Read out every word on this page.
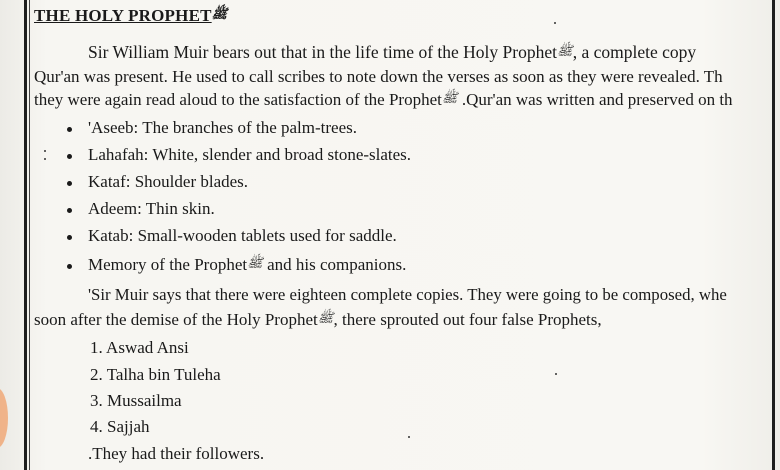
THE HOLY PROPHETﷺ
Sir William Muir bears out that in the life time of the Holy Prophetﷺ, a complete copy
Qur'an was present. He used to call scribes to note down the verses as soon as they were revealed. Th
they were again read aloud to the satisfaction of the Prophetﷺ .Qur'an was written and preserved on th
'Aseeb: The branches of the palm-trees.
Lahafah: White, slender and broad stone-slates.
Kataf: Shoulder blades.
Adeem: Thin skin.
Katab: Small-wooden tablets used for saddle.
Memory of the Prophetﷺ and his companions.
'Sir Muir says that there were eighteen complete copies. They were going to be composed, whe
soon after the demise of the Holy Prophetﷺ, there sprouted out four false Prophets,
1. Aswad Ansi
2. Talha bin Tuleha
3. Mussailma
4. Sajjah
.They had their followers.
